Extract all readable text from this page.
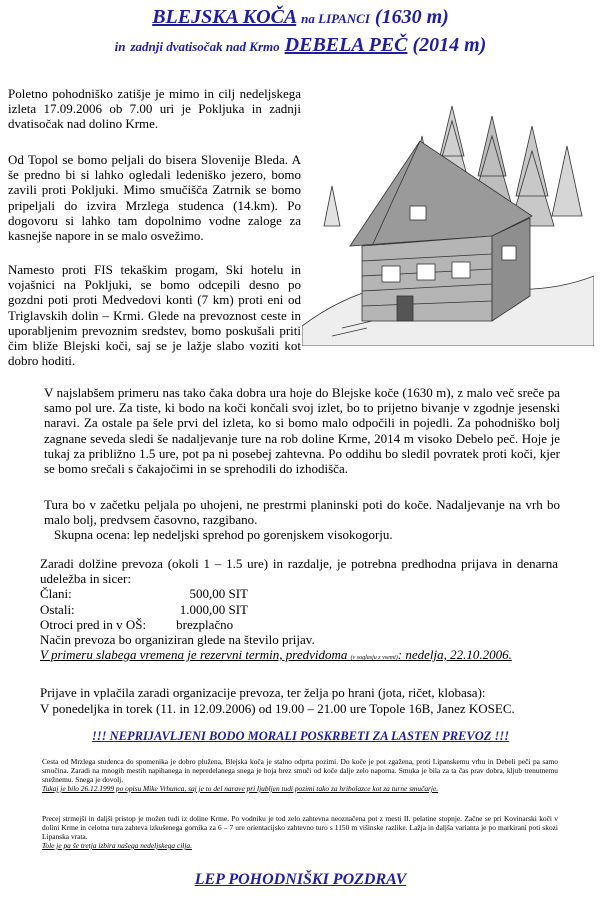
BLEJSKA KOČA na LIPANCI (1630 m)
in zadnji dvatisočak nad Krmo DEBELA PEČ (2014 m)
Poletno pohodniško zatišje je mimo in cilj nedeljskega izleta 17.09.2006 ob 7.00 uri je Pokljuka in zadnji dvatisočak nad dolino Krme.
Od Topol se bomo peljali do bisera Slovenije Bleda. A še predno bi si lahko ogledali ledeniško jezero, bomo zavili proti Pokljuki. Mimo smučišča Zatrnik se bomo pripeljali do izvira Mrzlega studenca (14.km). Po dogovoru si lahko tam dopolnimo vodne zaloge za kasnejše napore in se malo osvežimo.
Namesto proti FIS tekaškim progam, Ski hotelu in vojašnici na Pokljuki, se bomo odcepili desno po gozdni poti proti Medvedovi konti (7 km) proti eni od Triglavskih dolin – Krmi. Glede na prevoznost ceste in uporabljenim prevoznim sredstev, bomo poskušali priti čim bliže Blejski koči, saj se je lažje slabo voziti kot dobro hoditi.
V najslabšem primeru nas tako čaka dobra ura hoje do Blejske koče (1630 m), z malo več sreče pa samo pol ure. Za tiste, ki bodo na koči končali svoj izlet, bo to prijetno bivanje v zgodnje jesenski naravi. Za ostale pa šele prvi del izleta, ko si bomo malo odpočili in pojedli. Za pohodniško bolj zagnane seveda sledi še nadaljevanje ture na rob doline Krme, 2014 m visoko Debelo peč. Hoje je tukaj za približno 1.5 ure, pot pa ni posebej zahtevna. Po oddihu bo sledil povratek proti koči, kjer se bomo srečali s čakajočimi in se sprehodili do izhodišča.
Tura bo v začetku peljala po uhojeni, ne prestrmi planinski poti do koče. Nadaljevanje na vrh bo malo bolj, predvsem časovno, razgibano.
Skupna ocena: lep nedeljski sprehod po gorenjskem visokogorju.
Zaradi dolžine prevoza (okoli 1 – 1.5 ure) in razdalje, je potrebna predhodna prijava in denarna udeležba in sicer:
Člani:	500,00 SIT
Ostali:	1.000,00 SIT
Otroci pred in v OŠ: brezplačno
Način prevoza bo organiziran glede na število prijav.
V primeru slabega vremena je rezervni termin, predvidoma (v soglasju z vsemi): nedelja, 22.10.2006.
Prijave in vplačila zaradi organizacije prevoza, ter želja po hrani (jota, ričet, klobasa):
V ponedeljka in torek (11. in 12.09.2006) od 19.00 – 21.00 ure Topole 16B, Janez KOSEC.
!!! NEPRIJAVLJENI BODO MORALI POSKRBETI ZA LASTEN PREVOZ !!!
Cesta od Mrzlega studenca do spomenika je dobro plužena, Blejska koča je stalno odprta pozimi. Do koče je pot zgažena, proti Lipanskemu vrhu in Debeli peči pa samo smučina. Zaradi na mnogih mestih napihanega in nepredelanega snega je hoja brez smuči od koče dalje zelo naporna. Smuka je bila za ta čas prav dobra, kljub trenutnemu snežnemu. Snega je dovolj.
Tukaj je bilo 26.12.1999 po opisu Mike Vrhunca, saj je to del narave pri ljubljen tudi pozimi tako za hribolazce kot za turne smučarje.
Precej strmejši in daljši pristop je možen tudi iz doline Krme. Po vodniku je tod zelo zahtevna neoznačena pot z mesti II. pelatine stopnje. Začne se pri Kovinarski koči v dolini Krme in celotna tura zahteva izkušenega gornika za 6 – 7 ure orientacijsko zahtevno turo s 1150 m višinske razlike. Lažja in daljša varianta je po markirani poti skozi Lipanska vrata.
Tole je pa še tretja izbira našega nedeljskega cilja.
LEP POHODNIŠKI POZDRAV
